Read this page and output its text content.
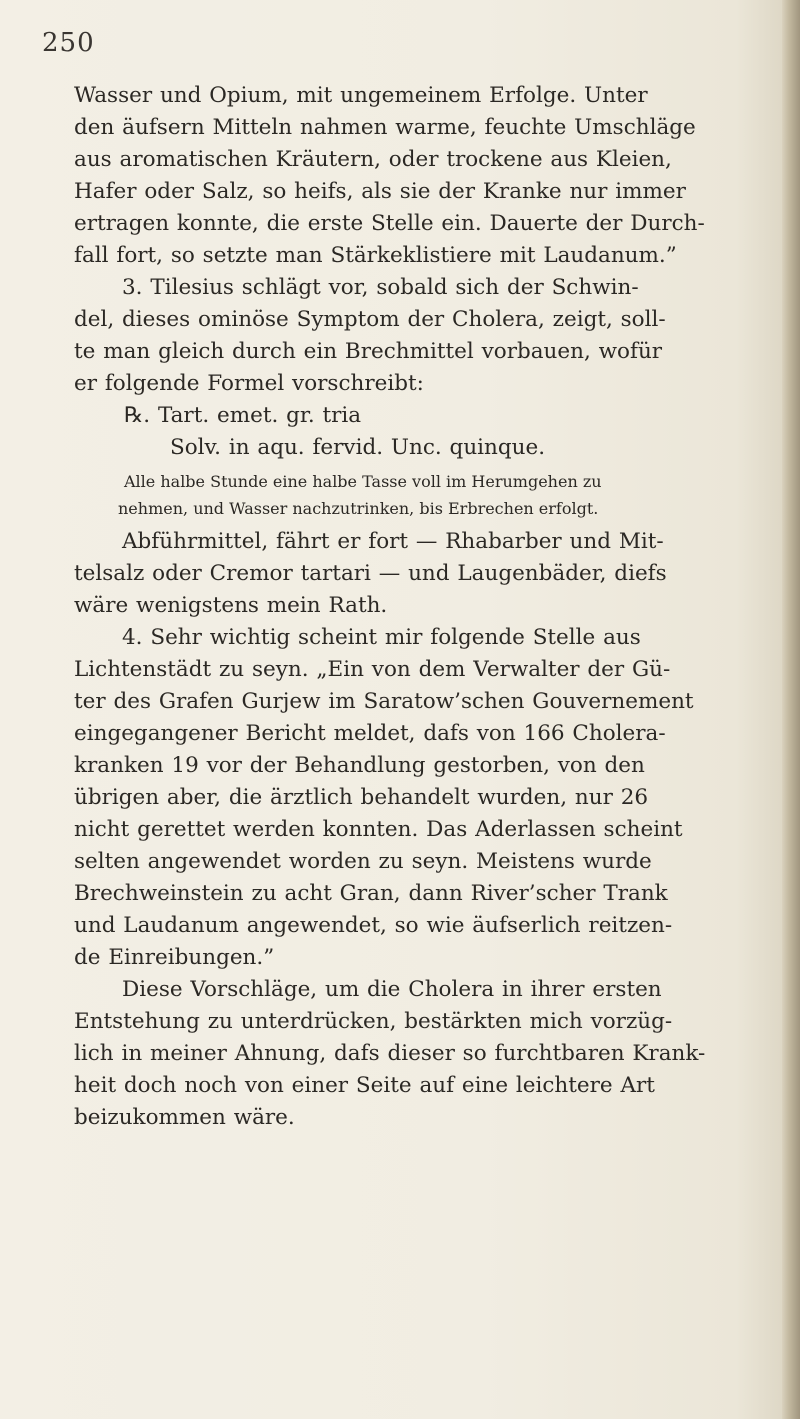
250
Wasser und Opium, mit ungemeinem Erfolge. Unter
den äufsern Mitteln nahmen warme, feuchte Umschläge
aus aromatischen Kräutern, oder trockene aus Kleien,
Hafer oder Salz, so heifs, als sie der Kranke nur immer
ertragen konnte, die erste Stelle ein. Dauerte der Durch-
fall fort, so setzte man Stärkeklistiere mit Laudanum.”
3. Tilesius schlägt vor, sobald sich der Schwin-
del, dieses ominöse Symptom der Cholera, zeigt, soll-
te man gleich durch ein Brechmittel vorbauen, wofür
er folgende Formel vorschreibt:
℞. Tart. emet. gr. tria
Solv. in aqu. fervid. Unc. quinque.
Alle halbe Stunde eine halbe Tasse voll im Herumgehen zu
nehmen, und Wasser nachzutrinken, bis Erbrechen erfolgt.
Abführmittel, fährt er fort — Rhabarber und Mit-
telsalz oder Cremor tartari — und Laugenbäder, diefs
wäre wenigstens mein Rath.
4. Sehr wichtig scheint mir folgende Stelle aus
Lichtenstädt zu seyn. „Ein von dem Verwalter der Gü-
ter des Grafen Gurjew im Saratow’schen Gouvernement
eingegangener Bericht meldet, dafs von 166 Cholera-
kranken 19 vor der Behandlung gestorben, von den
übrigen aber, die ärztlich behandelt wurden, nur 26
nicht gerettet werden konnten. Das Aderlassen scheint
selten angewendet worden zu seyn. Meistens wurde
Brechweinstein zu acht Gran, dann River’scher Trank
und Laudanum angewendet, so wie äufserlich reitzen-
de Einreibungen.”
Diese Vorschläge, um die Cholera in ihrer ersten
Entstehung zu unterdrücken, bestärkten mich vorzüg-
lich in meiner Ahnung, dafs dieser so furchtbaren Krank-
heit doch noch von einer Seite auf eine leichtere Art
beizukommen wäre.
